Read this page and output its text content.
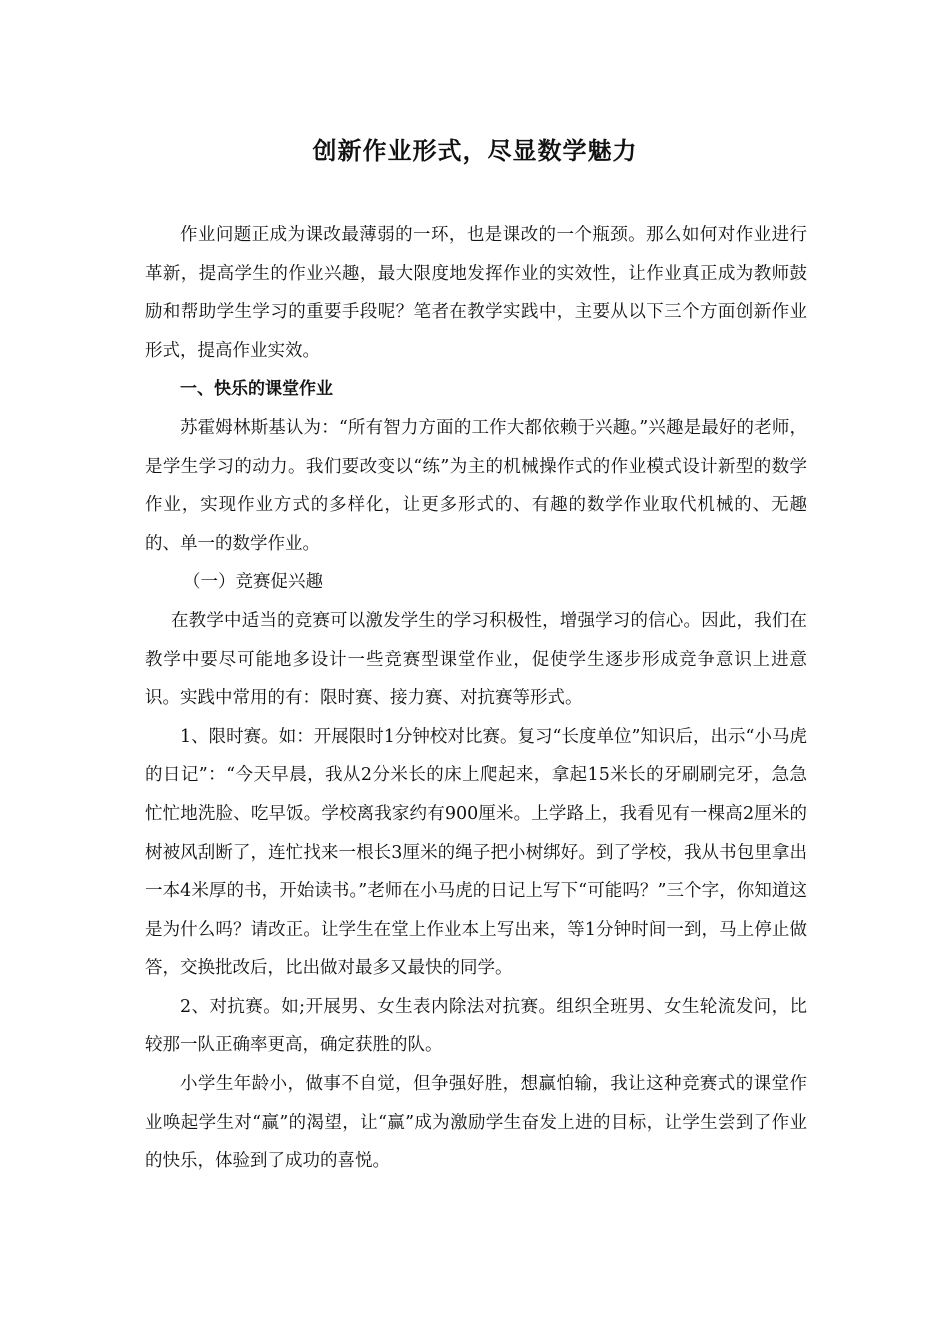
创新作业形式，尽显数学魅力

作业问题正成为课改最薄弱的一环，也是课改的一个瓶颈。那么如何对作业进行革新，提高学生的作业兴趣，最大限度地发挥作业的实效性，让作业真正成为教师鼓励和帮助学生学习的重要手段呢？笔者在教学实践中，主要从以下三个方面创新作业形式，提高作业实效。

一、快乐的课堂作业

苏霍姆林斯基认为：“所有智力方面的工作大都依赖于兴趣。”兴趣是最好的老师，是学生学习的动力。我们要改变以“练”为主的机械操作式的作业模式设计新型的数学作业，实现作业方式的多样化，让更多形式的、有趣的数学作业取代机械的、无趣的、单一的数学作业。

（一）竞赛促兴趣

在教学中适当的竞赛可以激发学生的学习积极性，增强学习的信心。因此，我们在教学中要尽可能地多设计一些竞赛型课堂作业，促使学生逐步形成竞争意识上进意识。实践中常用的有：限时赛、接力赛、对抗赛等形式。

1、限时赛。如：开展限时1分钟校对比赛。复习“长度单位”知识后，出示“小马虎的日记”：“今天早晨，我从2分米长的床上爬起来，拿起15米长的牙刷刷完牙，急急忙忙地洗脸、吃早饭。学校离我家约有900厘米。上学路上，我看见有一棵高2厘米的树被风刮断了，连忙找来一根长3厘米的绳子把小树绑好。到了学校，我从书包里拿出一本4米厚的书，开始读书。”老师在小马虎的日记上写下“可能吗？”三个字，你知道这是为什么吗？请改正。让学生在堂上作业本上写出来，等1分钟时间一到，马上停止做答，交换批改后，比出做对最多又最快的同学。

2、对抗赛。如;开展男、女生表内除法对抗赛。组织全班男、女生轮流发问，比较那一队正确率更高，确定获胜的队。

小学生年龄小，做事不自觉，但争强好胜，想赢怕输，我让这种竞赛式的课堂作业唤起学生对“赢”的渴望，让“赢”成为激励学生奋发上进的目标，让学生尝到了作业的快乐，体验到了成功的喜悦。
